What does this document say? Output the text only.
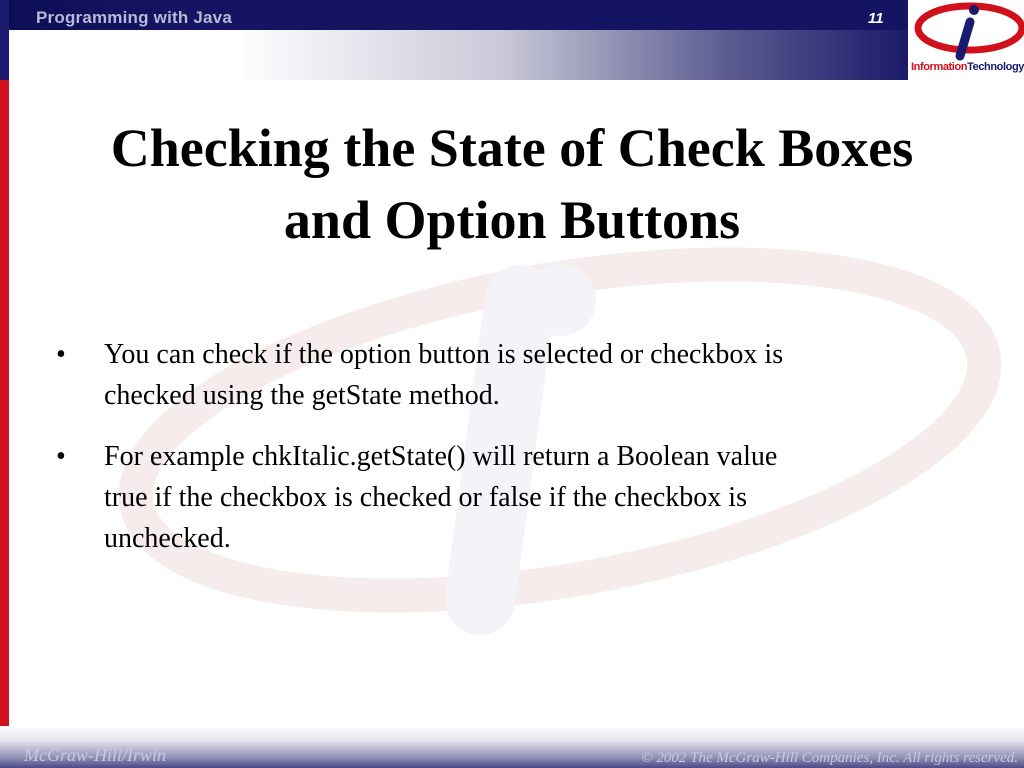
Programming with Java	11
InformationTechnology
Checking the State of Check Boxes
and Option Buttons
• You can check if the option button is selected or checkbox is
checked using the getState method.
• For example chkItalic.getState() will return a Boolean value
true if the checkbox is checked or false if the checkbox is
unchecked.
McGraw-Hill/Irwin	© 2002 The McGraw-Hill Companies, Inc. All rights reserved.
